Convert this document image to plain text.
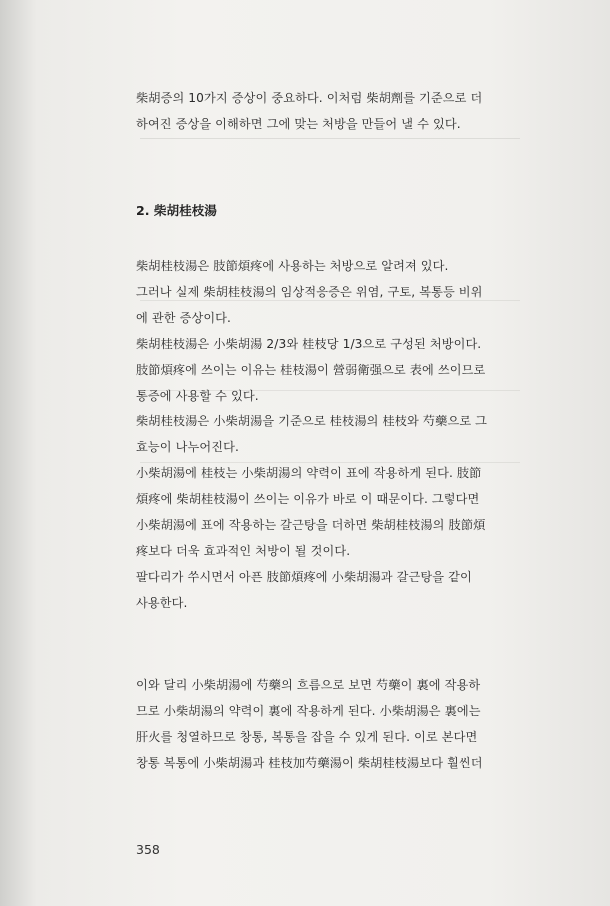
柴胡증의 10가지 증상이 중요하다. 이처럼 柴胡劑를 기준으로 더

하여진 증상을 이해하면 그에 맞는 처방을 만들어 낼 수 있다.

2. 柴胡桂枝湯

柴胡桂枝湯은 肢節煩疼에 사용하는 처방으로 알려져 있다.

그러나 실제 柴胡桂枝湯의 임상적응증은 위염, 구토, 복통등 비위

에 관한 증상이다.

柴胡桂枝湯은 小柴胡湯 2/3와 桂枝당 1/3으로 구성된 처방이다.

肢節煩疼에 쓰이는 이유는 桂枝湯이 營弱衛强으로 表에 쓰이므로

통증에 사용할 수 있다.

柴胡桂枝湯은 小柴胡湯을 기준으로 桂枝湯의 桂枝와 芍藥으로 그

효능이 나누어진다.

小柴胡湯에 桂枝는 小柴胡湯의 약력이 표에 작용하게 된다. 肢節

煩疼에 柴胡桂枝湯이 쓰이는 이유가 바로 이 때문이다. 그렇다면

小柴胡湯에 표에 작용하는 갈근탕을 더하면 柴胡桂枝湯의 肢節煩

疼보다 더욱 효과적인 처방이 될 것이다.

팔다리가 쑤시면서 아픈 肢節煩疼에 小柴胡湯과 갈근탕을 같이

사용한다.

이와 달리 小柴胡湯에 芍藥의 흐름으로 보면 芍藥이 裏에 작용하

므로 小柴胡湯의 약력이 裏에 작용하게 된다. 小柴胡湯은 裏에는

肝火를 청열하므로 창통, 복통을 잡을 수 있게 된다. 이로 본다면

창통 복통에 小柴胡湯과 桂枝加芍藥湯이 柴胡桂枝湯보다 훨씬더

358
